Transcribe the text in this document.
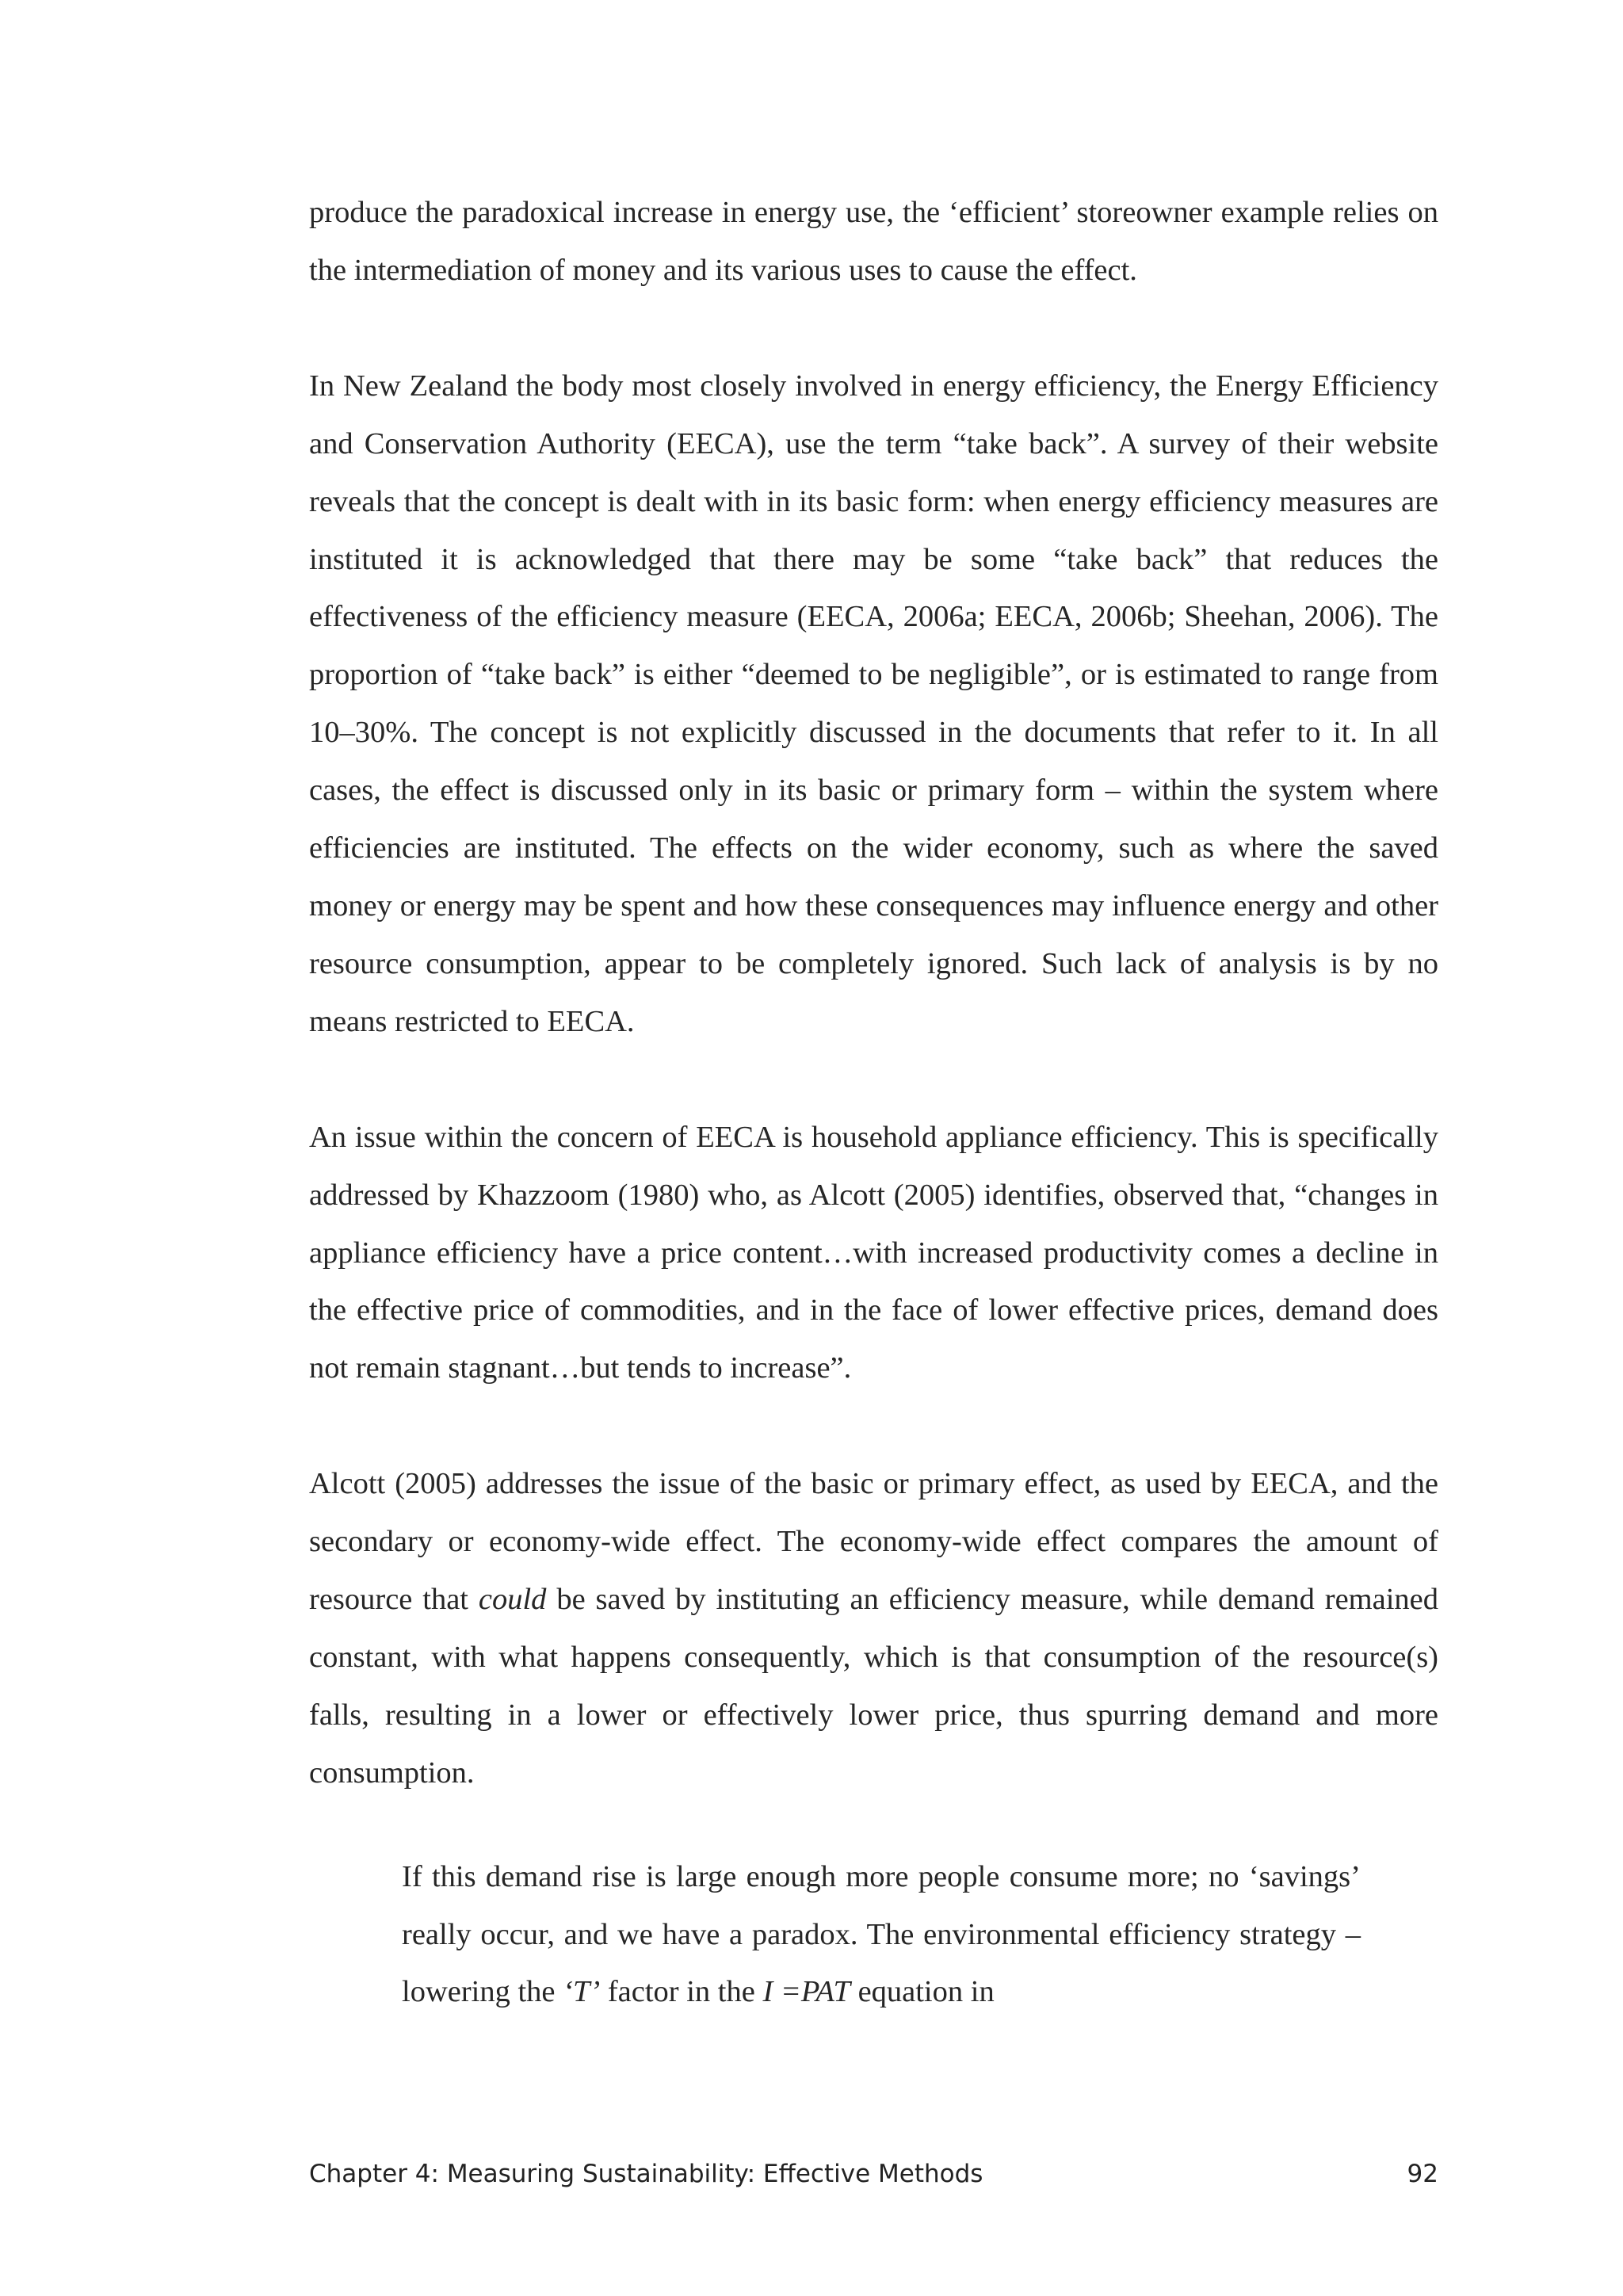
produce the paradoxical increase in energy use, the ‘efficient’ storeowner example relies on the intermediation of money and its various uses to cause the effect.

In New Zealand the body most closely involved in energy efficiency, the Energy Efficiency and Conservation Authority (EECA), use the term “take back”. A survey of their website reveals that the concept is dealt with in its basic form: when energy efficiency measures are instituted it is acknowledged that there may be some “take back” that reduces the effectiveness of the efficiency measure (EECA, 2006a; EECA, 2006b; Sheehan, 2006). The proportion of “take back” is either “deemed to be negligible”, or is estimated to range from 10–30%. The concept is not explicitly discussed in the documents that refer to it. In all cases, the effect is discussed only in its basic or primary form – within the system where efficiencies are instituted. The effects on the wider economy, such as where the saved money or energy may be spent and how these consequences may influence energy and other resource consumption, appear to be completely ignored. Such lack of analysis is by no means restricted to EECA.

An issue within the concern of EECA is household appliance efficiency. This is specifically addressed by Khazzoom (1980) who, as Alcott (2005) identifies, observed that, “changes in appliance efficiency have a price content…with increased productivity comes a decline in the effective price of commodities, and in the face of lower effective prices, demand does not remain stagnant…but tends to increase”.

Alcott (2005) addresses the issue of the basic or primary effect, as used by EECA, and the secondary or economy-wide effect. The economy-wide effect compares the amount of resource that could be saved by instituting an efficiency measure, while demand remained constant, with what happens consequently, which is that consumption of the resource(s) falls, resulting in a lower or effectively lower price, thus spurring demand and more consumption.

If this demand rise is large enough more people consume more; no ‘savings’ really occur, and we have a paradox. The environmental efficiency strategy – lowering the ‘T’ factor in the I =PAT equation in

Chapter 4: Measuring Sustainability: Effective Methods	92
